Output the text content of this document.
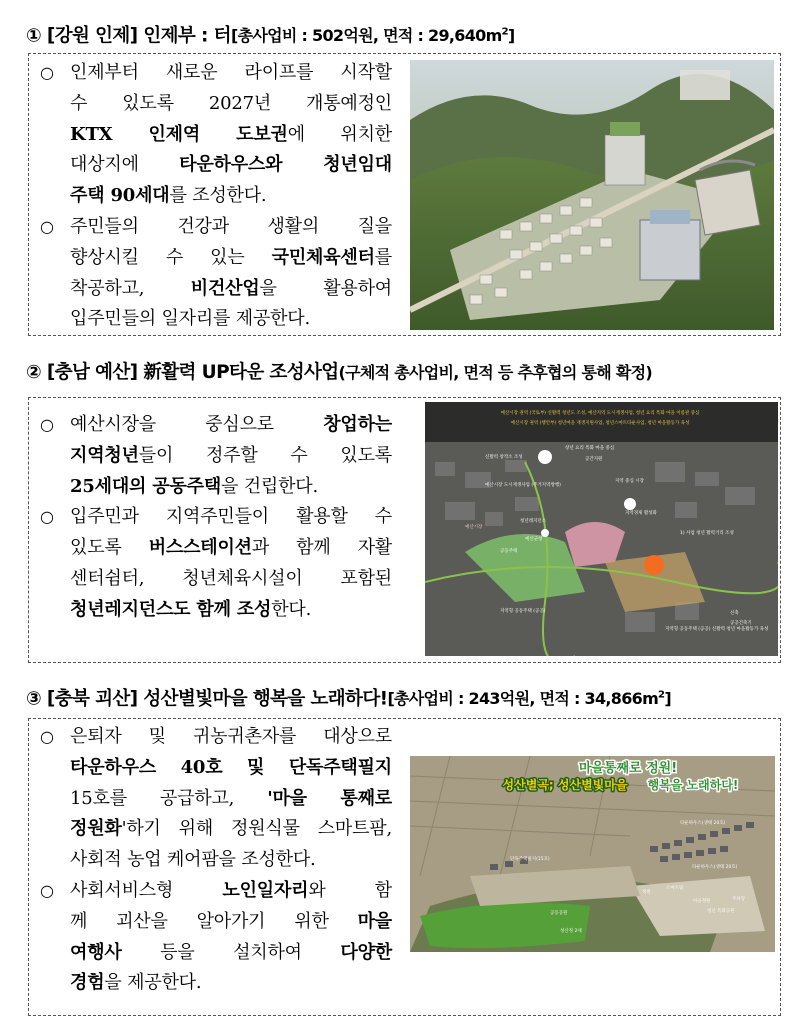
① [강원 인제] 인제부 : 터[총사업비 : 502억원, 면적 : $29,640m^2$]
○ 인제부터 새로운 라이프를 시작할
수 있도록 2027년 개통예정인
KTX 인제역 도보권에 위치한
대상지에 타운하우스와 청년임대
주택 90세대를 조성한다.
○ 주민들의 건강과 생활의 질을
향상시킬 수 있는 국민체육센터를
착공하고, 비건산업을 활용하여
입주민들의 일자리를 제공한다.
② [충남 예산] 新활력 UP타운 조성사업(구체적 총사업비, 면적 등 추후협의 통해 확정)
○ 예산시장을 중심으로 창업하는
지역청년들이 정주할 수 있도록
25세대의 공동주택을 건립한다.
○ 입주민과 지역주민들이 활용할 수
있도록 버스스테이션과 함께 자활
센터쉼터, 청년체육시설이 포함된
청년레지던스도 함께 조성한다.
예산시장 권역 (국토부) 신활력 청년도 조성, 예산지역 도시재생사업, 청년 요리 특화 마을 이룸관 중심
예산시장 권역 (행안부) 청년마을 재생지원사업, 청년스마트타운사업, 청년 마을활동가 육성
창년 요리 특화 마을 중심
신활력 창작소 조성
예산시장 도시재생사업 (주거지역쌍행)
공간지원
예산시장
청년레지던스
예산군청
공동주택
지역 중심 시장
지역경제 활성화
1) 사업 청년 활력거리 조성
지역형 공동주택 (공공)	신축
공공건축기
지역형 공동주택 (공공) 신활력 청년 마을활동가 육성
③ [충북 괴산] 성산별빛마을 행복을 노래하다![총사업비 : 243억원, 면적 : $34,866m^2$]
○ 은퇴자 및 귀농귀촌자를 대상으로
타운하우스 40호 및 단독주택필지
15호를 공급하고, '마을 통째로
정원화'하기 위해 정원식물 스마트팜,
사회적 농업 케어팜을 조성한다.
○ 사회서비스형 노인일자리와 함
께 괴산을 알아가기 위한 마을
여행사 등을 설치하여 다양한
경험을 제공한다.
마을통째로 정원!
성산별곡; 성산별빛마을 행복을 노래하다!
단독주택필지(15호)
타운하우스(생태 20호)
타운하우스(생태 20호)
정원
스마트팜
마을정원	주차장
공동공원
성산정 2세
청년 특화공원
